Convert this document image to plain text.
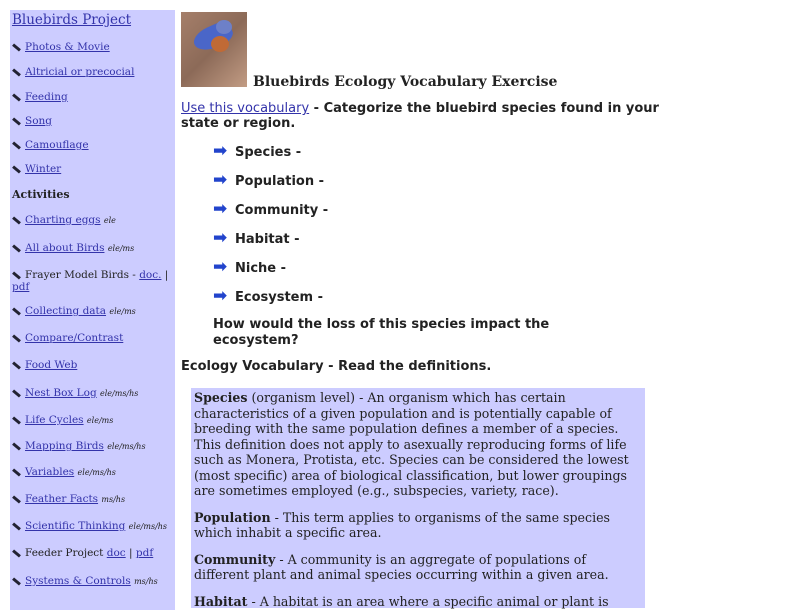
Bluebirds Project
Activities
Photos & Movie
Altricial or precocial
Feeding
Song
Camouflage
Winter
Charting eggs ele
All about Birds ele/ms
Frayer Model Birds - doc. | pdf
Collecting data ele/ms
Compare/Contrast
Food Web
Nest Box Log ele/ms/hs
Life Cycles ele/ms
Mapping Birds ele/ms/hs
Variables ele/ms/hs
Feather Facts ms/hs
Scientific Thinking ele/ms/hs
Feeder Project doc | pdf
Systems & Controls ms/hs
Bluebirds Ecology Vocabulary Exercise
Use this vocabulary - Categorize the bluebird species found in your state or region.
➡ Species -
➡ Population -
➡ Community -
➡ Habitat -
➡ Niche -
➡ Ecosystem -
How would the loss of this species impact the ecosystem?
Ecology Vocabulary - Read the definitions.

Species (organism level) - An organism which has certain characteristics of a given population and is potentially capable of breeding with the same population defines a member of a species. This definition does not apply to asexually reproducing forms of life such as Monera, Protista, etc. Species can be considered the lowest (most specific) area of biological classification, but lower groupings are sometimes employed (e.g., subspecies, variety, race).

Population - This term applies to organisms of the same species which inhabit a specific area.

Community - A community is an aggregate of populations of different plant and animal species occurring within a given area.

Habitat - A habitat is an area where a specific animal or plant is
